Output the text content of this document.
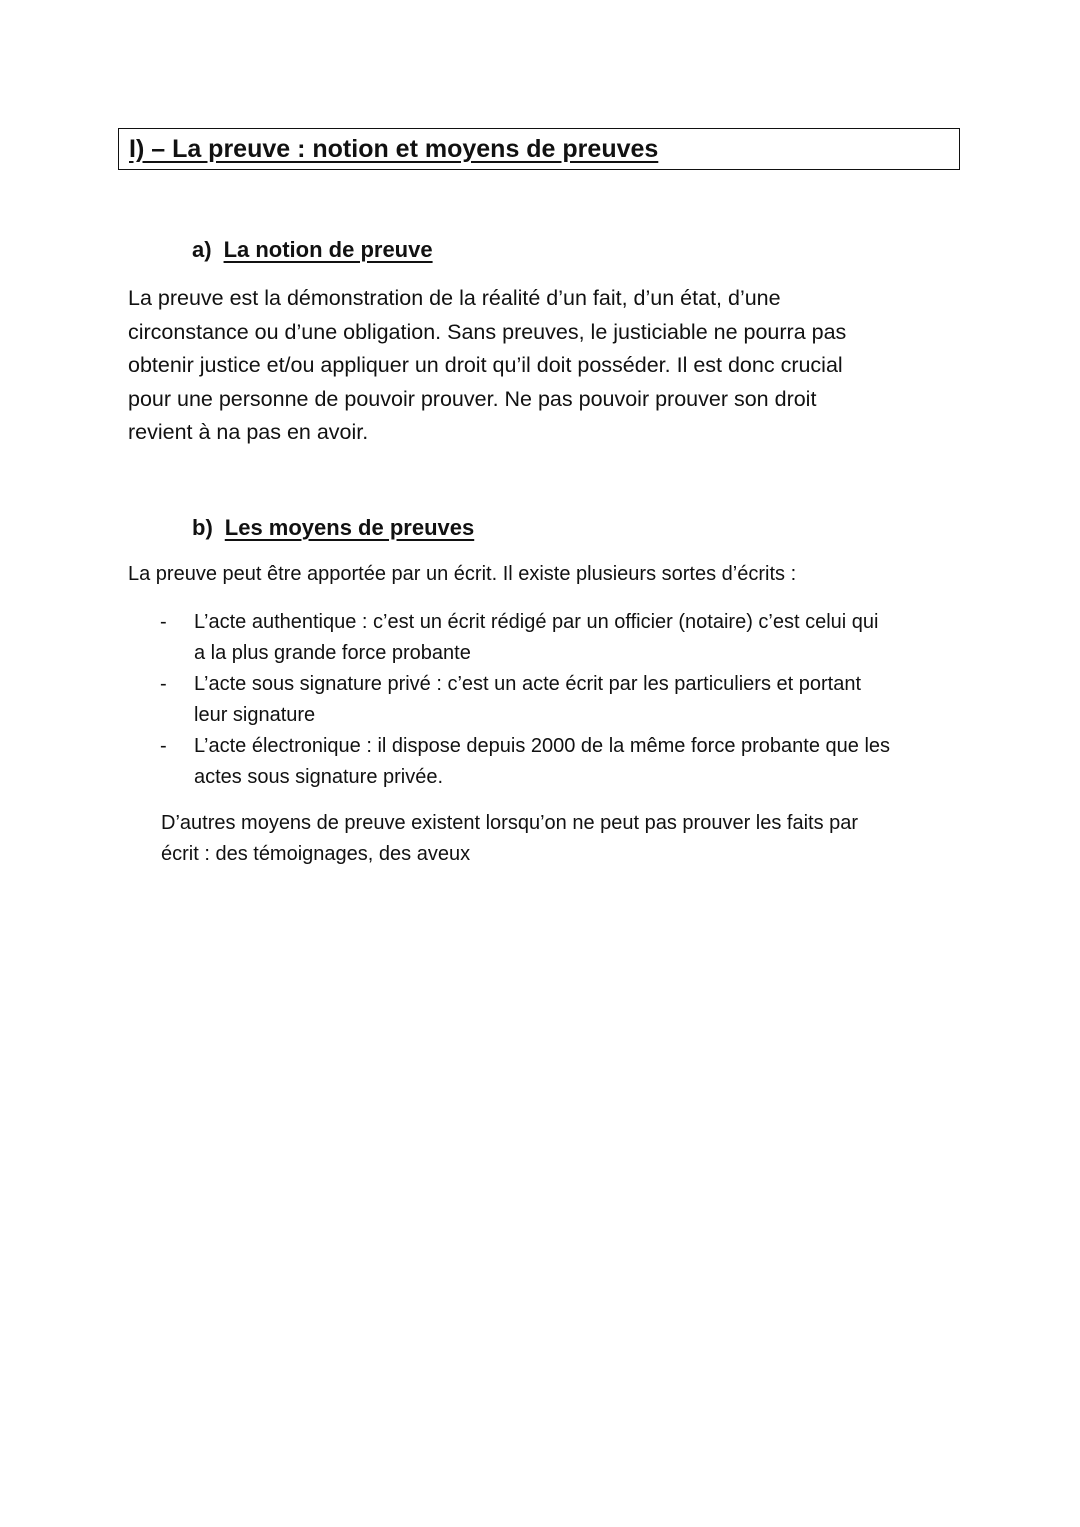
I) – La preuve : notion et moyens de preuves
a) La notion de preuve

La preuve est la démonstration de la réalité d’un fait, d’un état, d’une
circonstance ou d’une obligation. Sans preuves, le justiciable ne pourra pas
obtenir justice et/ou appliquer un droit qu’il doit posséder. Il est donc crucial
pour une personne de pouvoir prouver. Ne pas pouvoir prouver son droit
revient à na pas en avoir.

b) Les moyens de preuves

La preuve peut être apportée par un écrit. Il existe plusieurs sortes d’écrits :

- L’acte authentique : c’est un écrit rédigé par un officier (notaire) c’est celui qui
a la plus grande force probante
- L’acte sous signature privé : c’est un acte écrit par les particuliers et portant
leur signature
- L’acte électronique : il dispose depuis 2000 de la même force probante que les
actes sous signature privée.

D’autres moyens de preuve existent lorsqu’on ne peut pas prouver les faits par
écrit : des témoignages, des aveux
